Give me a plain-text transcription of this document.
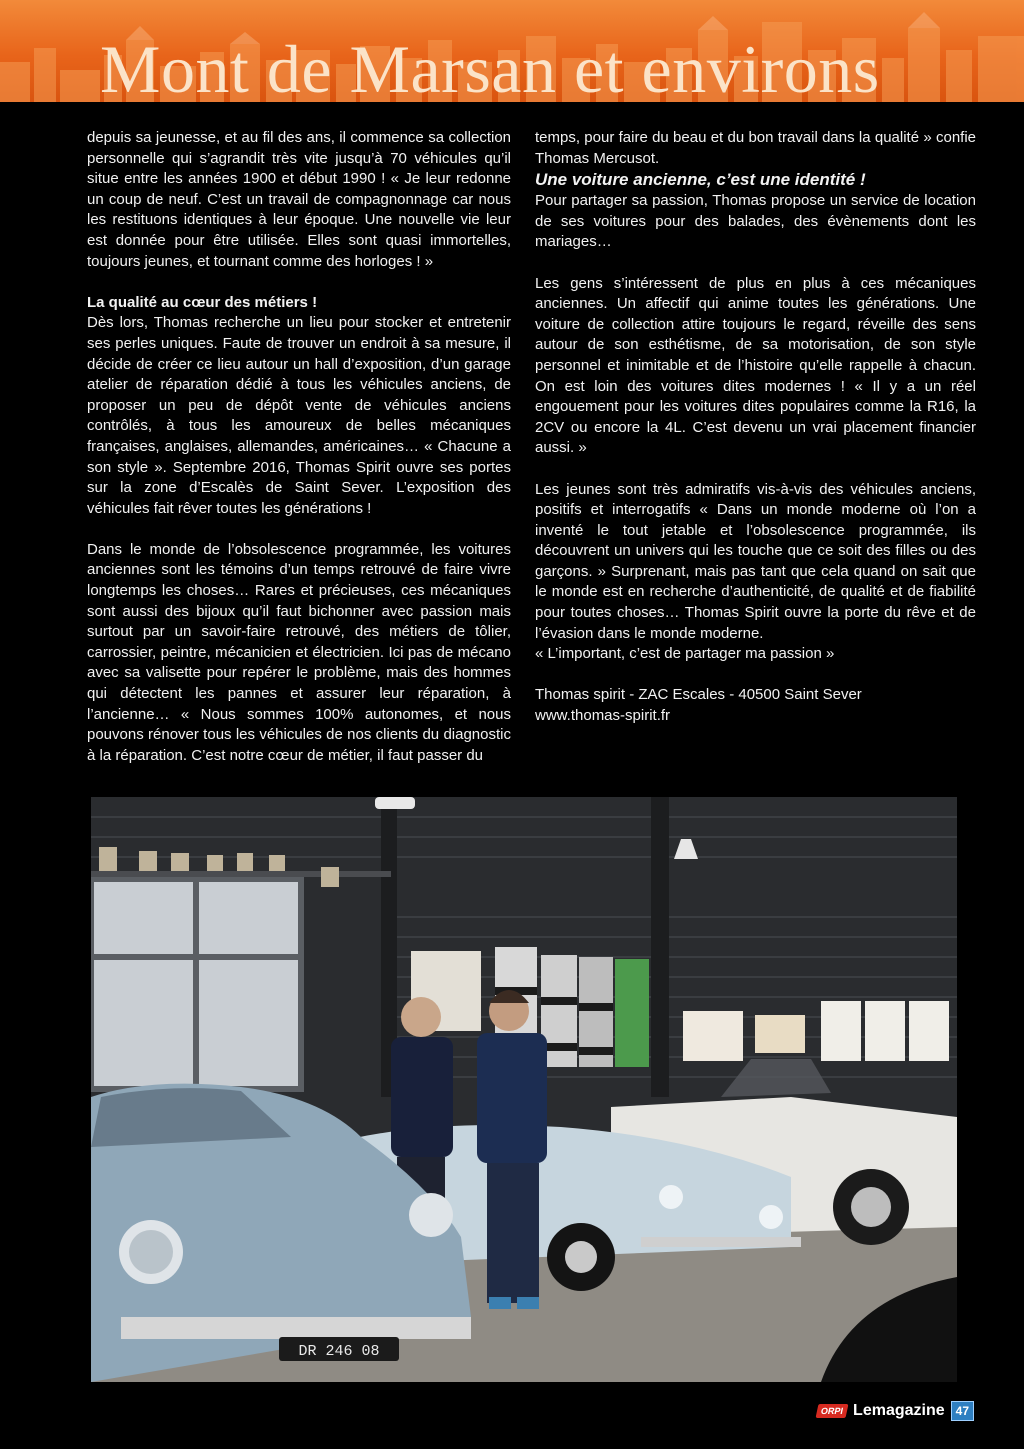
Mont de Marsan et environs

depuis sa jeunesse, et au fil des ans, il commence sa collection personnelle qui s’agrandit très vite jusqu’à 70 véhicules qu’il situe entre les années 1900 et début 1990 ! « Je leur redonne un coup de neuf. C’est un travail de compagnonnage car nous les restituons identiques à leur époque. Une nouvelle vie leur est donnée pour être utilisée. Elles sont quasi immortelles, toujours jeunes, et tournant comme des horloges ! »

La qualité au cœur des métiers !

Dès lors, Thomas recherche un lieu pour stocker et entretenir ses perles uniques. Faute de trouver un endroit à sa mesure, il décide de créer ce lieu autour un hall d’exposition, d’un garage atelier de réparation dédié à tous les véhicules anciens, de proposer un peu de dépôt vente de véhicules anciens contrôlés, à tous les amoureux de belles mécaniques françaises, anglaises, allemandes, américaines… « Chacune a son style ». Septembre 2016, Thomas Spirit ouvre ses portes sur la zone d’Escalès de Saint Sever. L’exposition des véhicules fait rêver toutes les générations !

Dans le monde de l’obsolescence programmée, les voitures anciennes sont les témoins d’un temps retrouvé de faire vivre longtemps les choses… Rares et précieuses, ces mécaniques sont aussi des bijoux qu’il faut bichonner avec passion mais surtout par un savoir-faire retrouvé, des métiers de tôlier, carrossier, peintre, mécanicien et électricien. Ici pas de mécano avec sa valisette pour repérer le problème, mais des hommes qui détectent les pannes et assurer leur réparation, à l’ancienne… « Nous sommes 100% autonomes, et nous pouvons rénover tous les véhicules de nos clients du diagnostic à la réparation. C’est notre cœur de métier, il faut passer du

temps, pour faire du beau et du bon travail dans la qualité » confie Thomas Mercusot.

Une voiture ancienne, c’est une identité !

Pour partager sa passion, Thomas propose un service de location de ses voitures pour des balades, des évènements dont les mariages…

Les gens s’intéressent de plus en plus à ces mécaniques anciennes. Un affectif qui anime toutes les générations. Une voiture de collection attire toujours le regard, réveille des sens autour de son esthétisme, de sa motorisation, de son style personnel et inimitable et de l’histoire qu’elle rappelle à chacun. On est loin des voitures dites modernes ! « Il y a un réel engouement pour les voitures dites populaires comme la R16, la 2CV ou encore la 4L. C’est devenu un vrai placement financier aussi. »

Les jeunes sont très admiratifs vis-à-vis des véhicules anciens, positifs et interrogatifs « Dans un monde moderne où l’on a inventé le tout jetable et l’obsolescence programmée, ils découvrent un univers qui les touche que ce soit des filles ou des garçons. » Surprenant, mais pas tant que cela quand on sait que le monde est en recherche d’authenticité, de qualité et de fiabilité pour toutes choses… Thomas Spirit ouvre la porte du rêve et de l’évasion dans le monde moderne.

« L’important, c’est de partager ma passion »

Thomas spirit - ZAC Escales - 40500 Saint Sever

www.thomas-spirit.fr

DR 246 08
ORPI Lemagazine 47
